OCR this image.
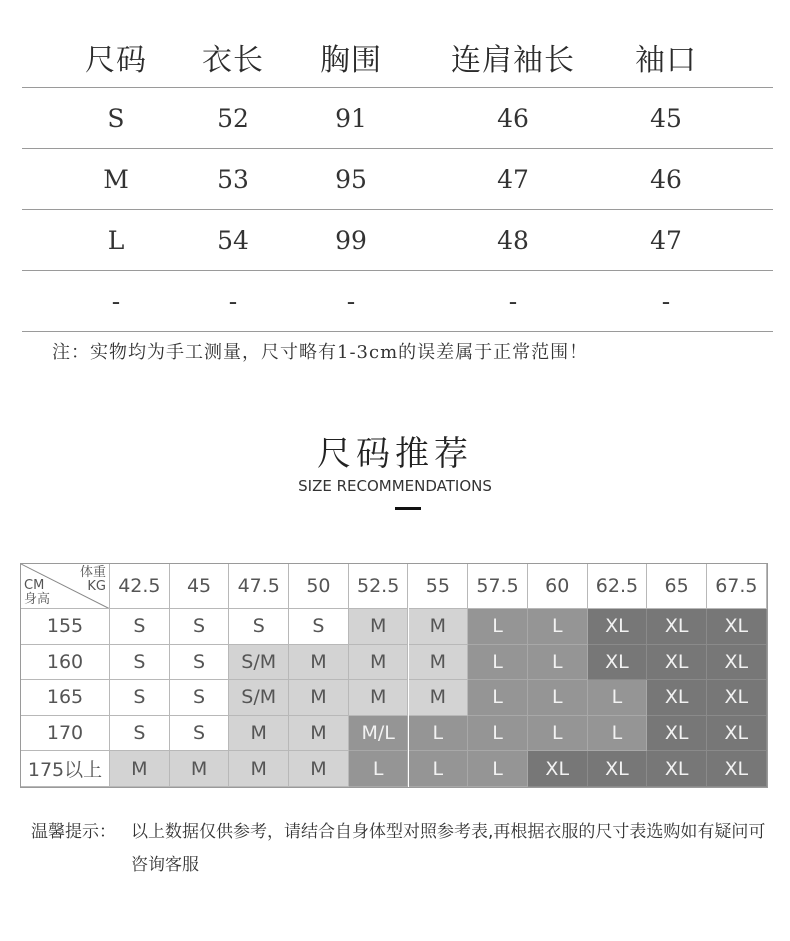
尺码 衣长 胸围 连肩袖长 袖口
S	52	91	46	45
M	53	95	47	46
L	54	99	48	47
-	-	-	-	-
注：实物均为手工测量，尺寸略有1-3cm的误差属于正常范围！
尺码推荐
SIZE RECOMMENDATIONS
体重
KG
CM
身高
42.5	45	47.5	50	52.5	55	57.5	60	62.5	65	67.5
155	S	S	S	S	M	M	L	L	XL	XL	XL
160	S	S	S/M	M	M	M	L	L	XL	XL	XL
165	S	S	S/M	M	M	M	L	L	L	XL	XL
170	S	S	M	M	M/L	L	L	L	L	XL	XL
175以上	M	M	M	M	L	L	L	XL	XL	XL	XL
温馨提示： 以上数据仅供参考，请结合自身体型对照参考表,再根据衣服的尺寸表选购如有疑问可咨询客服
